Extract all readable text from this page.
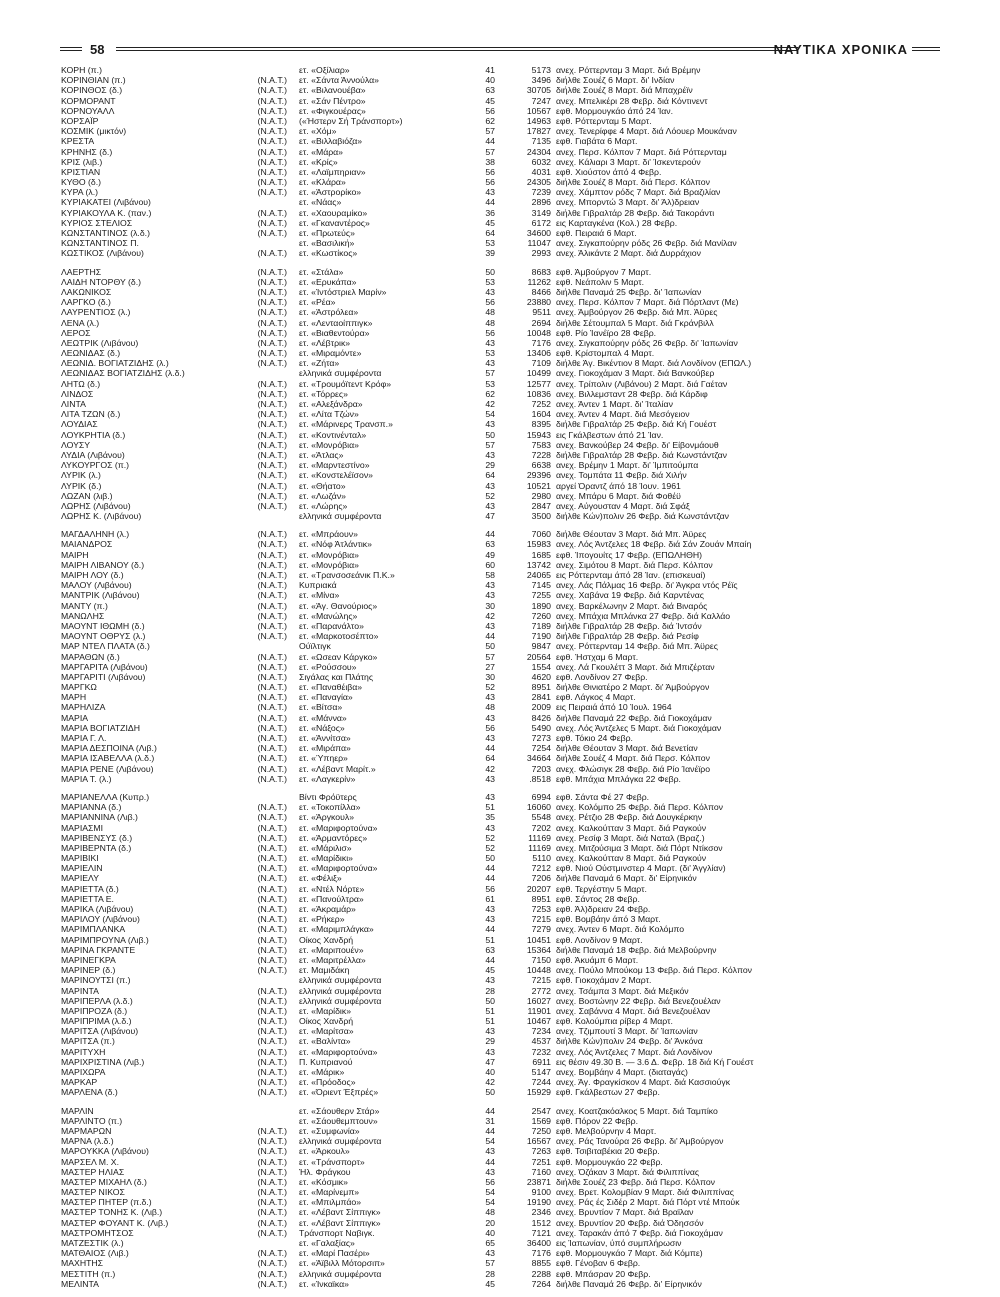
58	ΝΑΥΤΙΚΑ ΧΡΟΝΙΚΑ
ΚΟΡΗ (π.)	ετ. «Οξίλιαρ»	41	5173 ανεχ. Ρόττερνταμ 3 Μαρτ. διά Βρέμην
ΚΟΡΙΝΘΙΑΝ (π.)	(N.A.T.) ετ. «Σάντα Άννούλα»	40	3496 διήλθε Σουέζ 6 Μαρτ. δι' Ινδίαν
ΚΟΡΙΝΘΟΣ (δ.)	(N.A.T.) ετ. «Βιλανουέβα»	63	30705 διήλθε Σουέζ 8 Μαρτ. διά Μπαχρέϊν
ΚΟΡΜΟΡΑΝΤ	(N.A.T.) ετ. «Σάν Πέντρο»	45	7247 ανεχ. Μπελικέρι 28 Φεβρ. διά Κόντινεντ
ΚΟΡΝΟΥΑΛΛ	(N.A.T.) ετ. «Φιγκουέρας»	56	10567 εφθ. Μορμουγκάο άπό 24 Ίαν.
ΚΟΡΣΑΪΡ	(N.A.T.) («Ήστερν Σή Τράνσπορτ»)	62	14963 εφθ. Ρόττερνταμ 5 Μαρτ.
ΚΟΣΜΙΚ (μικτόν)	(N.A.T.) ετ. «Χόμ»	57	17827 ανεχ. Τενερίφφε 4 Μαρτ. διά Λόουερ Μουκάναν
ΚΡΕΣΤΑ	(N.A.T.) ετ. «Βιλλαβιόζα»	44	7135 εφθ. Γιαβάτα 6 Μαρτ.
ΚΡΗΝΗΣ (δ.)	(N.A.T.) ετ. «Μάρα»	57	24304 ανεχ. Περσ. Κόλπον 7 Μαρτ. διά Ρόττερνταμ
ΚΡΙΣ (λιβ.)	(N.A.T.) ετ. «Κρίς»	38	6032 ανεχ. Κάλιαρι 3 Μαρτ. δι' Ίσκεντερούν
ΚΡΙΣΤΙΑΝ	(N.A.T.) ετ. «Λαϊμπηριαν»	56	4031 εφθ. Χιούστον άπό 4 Φεβρ.
ΚΥΘΟ (δ.)	(N.A.T.) ετ. «Κλάρα»	56	24305 διήλθε Σουέζ 8 Μαρτ. διά Περσ. Κόλπον
ΚΥΡΑ (λ.)	(N.A.T.) ετ. «Άστρορίκο»	43	7239 ανεχ. Χάμπτον ρόδς 7 Μαρτ. διά Βραζιλίαν
ΚΥΡΙΑΚΑΤΕΙ (Λιβάνου)	ετ. «Νάας»	44	2896 ανεχ. Μπορντώ 3 Μαρτ. δι' Άλ)δρειαν
ΚΥΡΙΑΚΟΥΛΑ Κ. (παν.)	(N.A.T.) ετ. «Χαουραμίκο»	36	3149 διήλθε Γιβραλτάρ 28 Φεβρ. διά Τακοράντι
ΚΥΡΙΟΣ ΣΤΕΛΙΟΣ	(N.A.T.) ετ. «Γκαναντέρος»	45	6172 εις Καρταγκένα (Κολ.) 28 Φεβρ.
ΚΩΝΣΤΑΝΤΙΝΟΣ (λ.δ.)	(N.A.T.) ετ. «Πρωτεύς»	64	34600 εφθ. Πειραιά 6 Μαρτ.
ΚΩΝΣΤΑΝΤΙΝΟΣ Π.	ετ. «Βασιλική»	53	11047 ανεχ. Σιγκαπούρην ρόδς 26 Φεβρ. διά Μανίλαν
ΚΩΣΤΙΚΟΣ (Λιβάνου)	(N.A.T.) ετ. «Κωστίκος»	39	2993 ανεχ. Άλικάντε 2 Μαρτ. διά Δυρράχιον
ΛΑΕΡΤΗΣ	(N.A.T.) ετ. «Στάλα»	50	8683 εφθ. Άμβούργον 7 Μαρτ.
ΛΑΙΔΗ ΝΤΟΡΘΥ (δ.)	(N.A.T.) ετ. «Ερυκάπα»	53	11262 εφθ. Νεάπολιν 5 Μαρτ.
ΛΑΚΩΝΙΚΟΣ	(N.A.T.) ετ. «Ίντόστριελ Μαρίν»	43	8466 διήλθε Παναμά 25 Φεβρ. δι' Ίαπωνίαν
ΛΑΡΓΚΟ (δ.)	(N.A.T.) ετ. «Ρέα»	56	23880 ανεχ. Περσ. Κόλπον 7 Μαρτ. διά Πόρτλαντ (Με)
ΛΑΥΡΕΝΤΙΟΣ (λ.)	(N.A.T.) ετ. «Άστρόλεα»	48	9511 ανεχ. Άμβούργον 26 Φεβρ. διά Μπ. Άϋρες
ΛΕΝΑ (λ.)	(N.A.T.) ετ. «Λενταοίππιγκ»	48	2694 διήλθε Σέτουμπαλ 5 Μαρτ. διά Γκράνβιλλ
ΛΕΡΟΣ	(N.A.T.) ετ. «Βιαθεντούρα»	56	10048 εφθ. Ρίο Ίανέϊρο 28 Φεβρ.
ΛΕΩΤΡΙΚ (Λιβάνου)	(N.A.T.) ετ. «Λέβτρικ»	43	7176 ανεχ. Σιγκαπούρην ρόδς 26 Φεβρ. δι' Ίαπωνίαν
ΛΕΩΝΙΔΑΣ (δ.)	(N.A.T.) ετ. «Μιραμόντε»	53	13406 εφθ. Κρίστομπαλ 4 Μαρτ.
ΛΕΩΝΙΔ. ΒΟΓΙΑΤΖΙΔΗΣ (λ.)	(N.A.T.) ετ. «Ζήτα»	43	7109 διήλθε Άγ. Βικέντιον 8 Μαρτ. διά Λονδίνον (ΕΠΩΛ.)
ΛΕΩΝΙΔΑΣ ΒΟΓΙΑΤΖΙΔΗΣ (λ.δ.)	ελληνικά συμφέροντα	57	10499 ανεχ. Γιοκοχάμαν 3 Μαρτ. διά Βανκούβερ
ΛΗΤΩ (δ.)	(N.A.T.) ετ. «Τρουμόϊτεντ Κρόφ»	53	12577 ανεχ. Τρίπολιν (Λιβάνου) 2 Μαρτ. διά Γαέταν
ΛΙΝΔΟΣ	(N.A.T.) ετ. «Τόρρες»	62	10836 ανεχ. Βιλλεμσταντ 28 Φεβρ. διά Κάρδιφ
ΛΙΝΤΑ	(N.A.T.) ετ. «Αλεξάνδρα»	42	7252 ανεχ. Άντεν 1 Μαρτ. δι' Ίταλίαν
ΛΙΤΑ ΤΖΩΝ (δ.)	(N.A.T.) ετ. «Λίτα Τζών»	54	1604 ανεχ. Άντεν 4 Μαρτ. διά Μεσόγειον
ΛΟΥΔΙΑΣ	(N.A.T.) ετ. «Μάρινερς Τρανσπ.»	43	8395 διήλθε Γιβραλτάρ 25 Φεβρ. διά Κή Γουέστ
ΛΟΥΚΡΗΤΙΑ (δ.)	(N.A.T.) ετ. «Κοντινένταλ»	50	15943 εις Γκάλβεστων άπό 21 Ίαν.
ΛΟΥΣΥ	(N.A.T.) ετ. «Μονρόβια»	57	7583 ανεχ. Βανκούβερ 24 Φεβρ. δι' Είβονμάουθ
ΛΥΔΙΑ (Λιβάνου)	(N.A.T.) ετ. «Άτλας»	43	7228 διήλθε Γιβραλτάρ 28 Φεβρ. διά Κωνστάντζαν
ΛΥΚΟΥΡΓΟΣ (π.)	(N.A.T.) ετ. «Μαρντεστίνο»	29	6638 ανεχ. Βρέμην 1 Μαρτ. δι' Ίμπιτούμπα
ΛΥΡΙΚ (λ.)	(N.A.T.) ετ. «Κονστελέϊσον»	64	29396 ανεχ. Τομπάτα 11 Φεβρ. διά Χιλήν
ΛΥΡΙΚ (δ.)	(N.A.T.) ετ. «Θήατο»	43	10521 αργεί Όραντζ άπό 18 Ίουν. 1961
ΛΩΖΑΝ (λιβ.)	(N.A.T.) ετ. «Λωζάν»	52	2980 ανεχ. Μπάρυ 6 Μαρτ. διά Φοθέϋ
ΛΩΡΗΣ (Λιβάνου)	(N.A.T.) ετ. «Λώρης»	43	2847 ανεχ. Αύγουσταν 4 Μαρτ. διά Σφάξ
ΛΩΡΗΣ Κ. (Λιβάνου)	ελληνικά συμφέροντα	47	3500 διήλθε Κών)πολιν 26 Φεβρ. διά Κωνστάντζαν
ΜΑΓΔΑΛΗΝΗ (λ.)	(N.A.T.) ετ. «Μπράουν»	44	7060 διήλθε Θέουταν 3 Μαρτ. διά Μπ. Άϋρες
ΜΑΙΑΝΔΡΟΣ	(N.A.T.) ετ. «Νόφ Άτλάντικ»	63	15983 ανεχ. Λός Άντζελες 18 Φεβρ. διά Σάν Ζουάν Μπαίη
ΜΑΙΡΗ	(N.A.T.) ετ. «Μονρόβια»	49	1685 εφθ. Ίπογουίτς 17 Φεβρ. (ΕΠΩΛΗΘΗ)
ΜΑΙΡΗ ΛΙΒΑΝΟΥ (δ.)	(N.A.T.) ετ. «Μονρόβια»	60	13742 ανεχ. Σιμότου 8 Μαρτ. διά Περσ. Κόλπον
ΜΑΙΡΗ ΛΟΥ (δ.)	(N.A.T.) ετ. «Τρανσοσεάνικ Π.Κ.»	58	24065 εις Ρόττερνταμ άπό 28 Ίαν. (επισκευαί)
ΜΑΛΟΥ (Λιβάνου)	(N.A.T.) Κυπριακά	43	7145 ανεχ. Λάς Πάλμας 16 Φεβρ. δι' Άγκρα ντός Ρέϊς
ΜΑΝΤΡΙΚ (Λιβάνου)	(N.A.T.) ετ. «Μίνα»	43	7255 ανεχ. Χαβάνα 19 Φεβρ. διά Καρντένας
ΜΑΝΤΥ (π.)	(N.A.T.) ετ. «Άγ. Θανούριος»	30	1890 ανεχ. Βαρκέλωνην 2 Μαρτ. διά Βιναρός
ΜΑΝΩΛΗΣ	(N.A.T.) ετ. «Μανώλης»	42	7260 ανεχ. Μπάχια Μπλάνκα 27 Φεβρ. διά Καλλάο
ΜΑΟΥΝΤ ΙΘΩΜΗ (δ.)	(N.A.T.) ετ. «Παρανάλτο»	43	7189 διήλθε Γιβραλτάρ 28 Φεβρ. διά Ίντσόν
ΜΑΟΥΝΤ ΟΘΡΥΣ (λ.)	(N.A.T.) ετ. «Μαρκοτοσέπτο»	44	7190 διήλθε Γιβραλτάρ 28 Φεβρ. διά Ρεσίφ
ΜΑΡ ΝΤΕΛ ΠΛΑΤΑ (δ.)	Ούϊλτιγκ	50	9847 ανεχ. Ρόττερνταμ 14 Φεβρ. διά Μπ. Άϋρες
ΜΑΡΑΘΩΝ (δ.)	(N.A.T.) ετ. «Ωσεαν Κάργκο»	57	20564 εφθ. Ήστχαμ 6 Μαρτ.
ΜΑΡΓΑΡΙΤΑ (Λιβάνου)	(N.A.T.) ετ. «Ρούσσου»	27	1554 ανεχ. Λά Γκουλέττ 3 Μαρτ. διά Μπιζέρταν
ΜΑΡΓΑΡΙΤΙ (Λιβάνου)	(N.A.T.) Σιγάλας και Πλάτης	30	4620 εφθ. Λονδίνον 27 Φεβρ.
ΜΑΡΓΚΩ	(N.A.T.) ετ. «Παναθέιβα»	52	8951 διήλθε Θινιατέρο 2 Μαρτ. δι' Άμβούργον
ΜΑΡΗ	(N.A.T.) ετ. «Παναγία»	43	2841 εφθ. Λάγκος 4 Μαρτ.
ΜΑΡΗΛΙΖΑ	(N.A.T.) ετ. «Βίτσα»	48	2009 εις Πειραιά άπό 10 Ίουλ. 1964
ΜΑΡΙΑ	(N.A.T.) ετ. «Μάννα»	43	8426 διήλθε Παναμά 22 Φεβρ. διά Γιοκοχάμαν
ΜΑΡΙΑ ΒΟΓΙΑΤΖΙΔΗ	(N.A.T.) ετ. «Νάξος»	56	5490 ανεχ. Λός Άντζελες 5 Μαρτ. διά Γιοκοχάμαν
ΜΑΡΙΑ Γ. Λ.	(N.A.T.) ετ. «Άννίτσα»	43	7273 εφθ. Τόκιο 24 Φεβρ.
ΜΑΡΙΑ ΔΕΣΠΟΙΝΑ (Λιβ.)	(N.A.T.) ετ. «Μιράπα»	44	7254 διήλθε Θέουταν 3 Μαρτ. διά Βενετίαν
ΜΑΡΙΑ ΙΣΑΒΕΛΛΑ (λ.δ.)	(N.A.T.) ετ. «Ύπηερ»	64	34664 διήλθε Σουέζ 4 Μαρτ. διά Περσ. Κόλπον
ΜΑΡΙΑ ΡΕΝΕ (Λιβάνου)	(N.A.T.) ετ. «Λέβαντ Μαρίτ.»	42	7203 ανεχ. Φλώσιγκ 28 Φεβρ. διά Ρίο Ίανέϊρο
ΜΑΡΙΑ Τ. (λ.)	(N.A.T.) ετ. «Λαγκερίν»	43	.8518 εφθ. Μπάχια Μπλάγκα 22 Φεβρ.
ΜΑΡΙΑΝΕΛΛΑ (Κυπρ.)	Βίντι Φρόϋτερς	43	6994 εφθ. Σάντα Φέ 27 Φεβρ.
ΜΑΡΙΑΝΝΑ (δ.)	(N.A.T.) ετ. «Τοκοπίλλα»	51	16060 ανεχ. Κολόμπο 25 Φεβρ. διά Περσ. Κόλπον
ΜΑΡΙΑΝΝΙΝΑ (Λιβ.)	(N.A.T.) ετ. «Άργκουλ»	35	5548 ανεχ. Ρέτζιο 28 Φεβρ. διά Δουγκέρκην
ΜΑΡΙΑΣΜΙ	(N.A.T.) ετ. «Μαριφορτούνα»	43	7202 ανεχ. Καλκούτταν 3 Μαρτ. διά Ραγκούν
ΜΑΡΙΒΕΝΣΥΣ (δ.)	(N.A.T.) ετ. «Άρμαντόρες»	52	11169 ανεχ. Ρεσίφ 3 Μαρτ. διά Ναταλ (Βραζ.)
ΜΑΡΙΒΕΡΝΤΑ (δ.)	(N.A.T.) ετ. «Μάριλισ»	52	11169 ανεχ. Μιτζούσιμα 3 Μαρτ. διά Πόρτ Ντίκσον
ΜΑΡΙΒΙΚΙ	(N.A.T.) ετ. «Μαρίδικι»	50	5110 ανεχ. Καλκούτταν 8 Μαρτ. διά Ραγκούν
ΜΑΡΙΕΛΙΝ	(N.A.T.) ετ. «Μαριφορτούνα»	44	7212 εφθ. Νιού Ούστμινστερ 4 Μαρτ. (δι' Άγγλίαν)
ΜΑΡΙΕΛΥ	(N.A.T.) ετ. «Φέλιξ»	44	7206 διήλθε Παναμά 6 Μαρτ. δι' Είρηνικόν
ΜΑΡΙΕΤΤΑ (δ.)	(N.A.T.) ετ. «Ντέλ Νόρτε»	56	20207 εφθ. Τεργέστην 5 Μαρτ.
ΜΑΡΙΕΤΤΑ Ε.	(N.A.T.) ετ. «Πανούλτρα»	61	8951 εφθ. Σάντος 28 Φεβρ.
ΜΑΡΙΚΑ (Λιβάνου)	(N.A.T.) ετ. «Άκραμάρ»	43	7253 εφθ. Άλ)δρειαν 24 Φεβρ.
ΜΑΡΙΛΟΥ (Λιβάνου)	(N.A.T.) ετ. «Ρήκερ»	43	7215 εφθ. Βομβάην άπό 3 Μαρτ.
ΜΑΡΙΜΠΛΑΝΚΑ	(N.A.T.) ετ. «Μαριμπλάγκα»	44	7279 ανεχ. Άντεν 6 Μαρτ. διά Κολόμπο
ΜΑΡΙΜΠΡΟΥΝΑ (Λιβ.)	(N.A.T.) Οίκος Χανδρή	51	10451 εφθ. Λονδίνον 9 Μαρτ.
ΜΑΡΙΝΑ ΓΚΡΑΝΤΕ	(N.A.T.) ετ. «Μαριπουέν»	63	15364 διήλθε Παναμά 18 Φεβρ. διά Μελβούρνην
ΜΑΡΙΝΕΓΚΡΑ	(N.A.T.) ετ. «Μαριτρέλλα»	44	7150 εφθ. Άκυάμπ 6 Μαρτ.
ΜΑΡΙΝΕΡ (δ.)	(N.A.T.) ετ. Μαμιδάκη	45	10448 ανεχ. Πούλο Μπούκομ 13 Φεβρ. διά Περσ. Κόλπον
ΜΑΡΙΝΟΥΤΣΙ (π.)	ελληνικά συμφέροντα	43	7215 εφθ. Γιοκοχάμαν 2 Μαρτ.
ΜΑΡΙΝΤΑ	(N.A.T.) ελληνικά συμφέροντα	28	2772 ανεχ. Τσάμπα 3 Μαρτ. διά Μεξικόν
ΜΑΡΙΠΕΡΛΑ (λ.δ.)	(N.A.T.) ελληνικά συμφέροντα	50	16027 ανεχ. Βοστώνην 22 Φεβρ. διά Βενεζουέλαν
ΜΑΡΙΠΡΟΖΑ (δ.)	(N.A.T.) ετ. «Μαρίδικ»	51	11901 ανεχ. Σαβάννα 4 Μαρτ. διά Βενεζουέλαν
ΜΑΡΙΠΡΙΜΑ (λ.δ.)	(N.A.T.) Οίκος Χανδρή	51	10467 εφθ. Κολούμπια ρίβερ 4 Μαρτ.
ΜΑΡΙΤΣΑ (Λιβάνου)	(N.A.T.) ετ. «Μαρίτσα»	43	7234 ανεχ. Τζιμπουτί 3 Μαρτ. δι' Ίαπωνίαν
ΜΑΡΙΤΣΑ (π.)	(N.A.T.) ετ. «Βαλίντα»	29	4537 διήλθε Κών)πολιν 24 Φεβρ. δι' Άνκόνα
ΜΑΡΙΤΥΧΗ	(N.A.T.) ετ. «Μαριφορτούνα»	43	7232 ανεχ. Λός Άντζελες 7 Μαρτ. διά Λονδίνον
ΜΑΡΙΧΡΙΣΤΙΝΑ (Λιβ.)	(N.A.T.) Π. Κυπριανού	47	6911 εις θέσιν 49.30 Β. — 3.6 Δ. Φεβρ. 18 διά Κή Γουέστ
ΜΑΡΙΧΩΡΑ	(N.A.T.) ετ. «Μάρικ»	40	5147 ανεχ. Βομβάην 4 Μαρτ. (διαταγάς)
ΜΑΡΚΑΡ	(N.A.T.) ετ. «Πρόοδος»	42	7244 ανεχ. Άγ. Φραγκίσκον 4 Μαρτ. διά Κασσιούγκ
ΜΑΡΛΕΝΑ (δ.)	(N.A.T.) ετ. «Όριεντ Έξπρές»	50	15929 εφθ. Γκάλβεστων 27 Φεβρ.
ΜΑΡΛΙΝ	ετ. «Σάουθερν Στάρ»	44	2547 ανεχ. Κοατζακόαλκος 5 Μαρτ. διά Ταμπίκο
ΜΑΡΛΙΝΤΟ (π.)	ετ. «Σάουθεμπτουν»	31	1569 εφθ. Πόρον 22 Φεβρ.
ΜΑΡΜΑΡΩΝ	(N.A.T.) ετ. «Συμφωνία»	44	7250 εφθ. Μελβούρνην 4 Μαρτ.
ΜΑΡΝΑ (λ.δ.)	(N.A.T.) ελληνικά συμφέροντα	54	16567 ανεχ. Ράς Τανούρα 26 Φεβρ. δι' Άμβούργον
ΜΑΡΟΥΚΚΑ (Λιβάνου)	(N.A.T.) ετ. «Άρκουλ»	43	7263 εφθ. Τσιβιταβέκια 20 Φεβρ.
ΜΑΡΣΕΛ Μ. Χ.	(N.A.T.) ετ. «Τράνσπορτ»	44	7251 εφθ. Μορμουγκάο 22 Φεβρ.
ΜΑΣΤΕΡ ΗΛΙΑΣ	(N.A.T.) Ήλ. Φράγκου	43	7160 ανεχ. Όζάκαν 3 Μαρτ. διά Φιλιππίνας
ΜΑΣΤΕΡ ΜΙΧΑΗΛ (δ.)	(N.A.T.) ετ. «Κόσμικ»	56	23871 διήλθε Σουέζ 23 Φεβρ. διά Περσ. Κόλπον
ΜΑΣΤΕΡ ΝΙΚΟΣ	(N.A.T.) ετ. «Μαρίνεμπ»	54	9100 ανεχ. Βρετ. Κολομβίαν 9 Μαρτ. διά Φιλιππίνας
ΜΑΣΤΕΡ ΠΗΤΕΡ (π.δ.)	(N.A.T.) ετ. «Μπιλμπάο»	54	19190 ανεχ. Ράς ές Σιδέρ 2 Μαρτ. διά Πόρτ ντέ Μπούκ
ΜΑΣΤΕΡ ΤΟΝΗΣ Κ. (Λιβ.)	(N.A.T.) ετ. «Λέβαντ Σίππιγκ»	48	2346 ανεχ. Βρυντίον 7 Μαρτ. διά Βραϊλαν
ΜΑΣΤΕΡ ΦΟΥΑΝΤ Κ. (Λιβ.)	(N.A.T.) ετ. «Λέβαντ Σίππιγκ»	20	1512 ανεχ. Βρυντίον 20 Φεβρ. διά Όδησσόν
ΜΑΣΤΡΟΜΗΤΣΟΣ	(N.A.T.) Τράνσπορτ Ναβιγκ.	40	7121 ανεχ. Ταρακάν άπό 7 Φεβρ. διά Γιοκοχάμαν
ΜΑΤΖΕΣΤΙΚ (λ.)	ετ. «Γαλαξίας»	65	36400 εις Ίαπωνίαν, ύπό συμπλήρωσιν
ΜΑΤΘΑΙΟΣ (Λιβ.)	(N.A.T.) ετ. «Μαρί Πασέρι»	43	7176 εφθ. Μορμουγκάο 7 Μαρτ. διά Κόμπε)
ΜΑΧΗΤΗΣ	(N.A.T.) ετ. «Άϊβιλλ Μότορσιπ»	57	8855 εφθ. Γένοβαν 6 Φεβρ.
ΜΕΣΤΙΤΗ (π.)	(N.A.T.) ελληνικά συμφέροντα	28	2288 εφθ. Μπάσραν 20 Φεβρ.
ΜΕΛΙΝΤΑ	(N.A.T.) ετ. «Ίνκαϊκα»	45	7264 διήλθε Παναμά 26 Φεβρ. δι' Είρηνικόν
